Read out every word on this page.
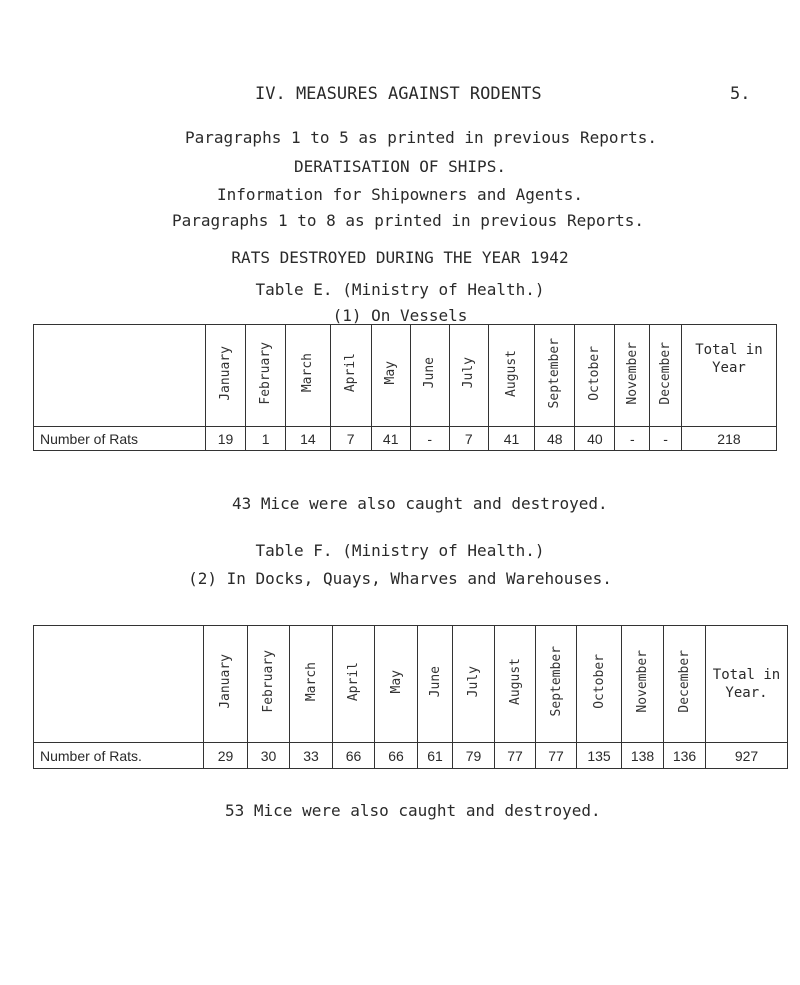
IV. MEASURES AGAINST RODENTS	5.
Paragraphs 1 to 5 as printed in previous Reports.
DERATISATION OF SHIPS.
Information for Shipowners and Agents.
Paragraphs 1 to 8 as printed in previous Reports.
RATS DESTROYED DURING THE YEAR 1942
Table E. (Ministry of Health.)
(1) On Vessels
	January	February	March	April	May	June	July	August	September	October	November	December	Total in Year
Number of Rats	19	1	14	7	41	-	7	41	48	40	-	-	218
43 Mice were also caught and destroyed.
Table F. (Ministry of Health.)
(2) In Docks, Quays, Wharves and Warehouses.
	January	February	March	April	May	June	July	August	September	October	November	December	Total in Year.
Number of Rats.	29	30	33	66	66	61	79	77	77	135	138	136	927
53 Mice were also caught and destroyed.
